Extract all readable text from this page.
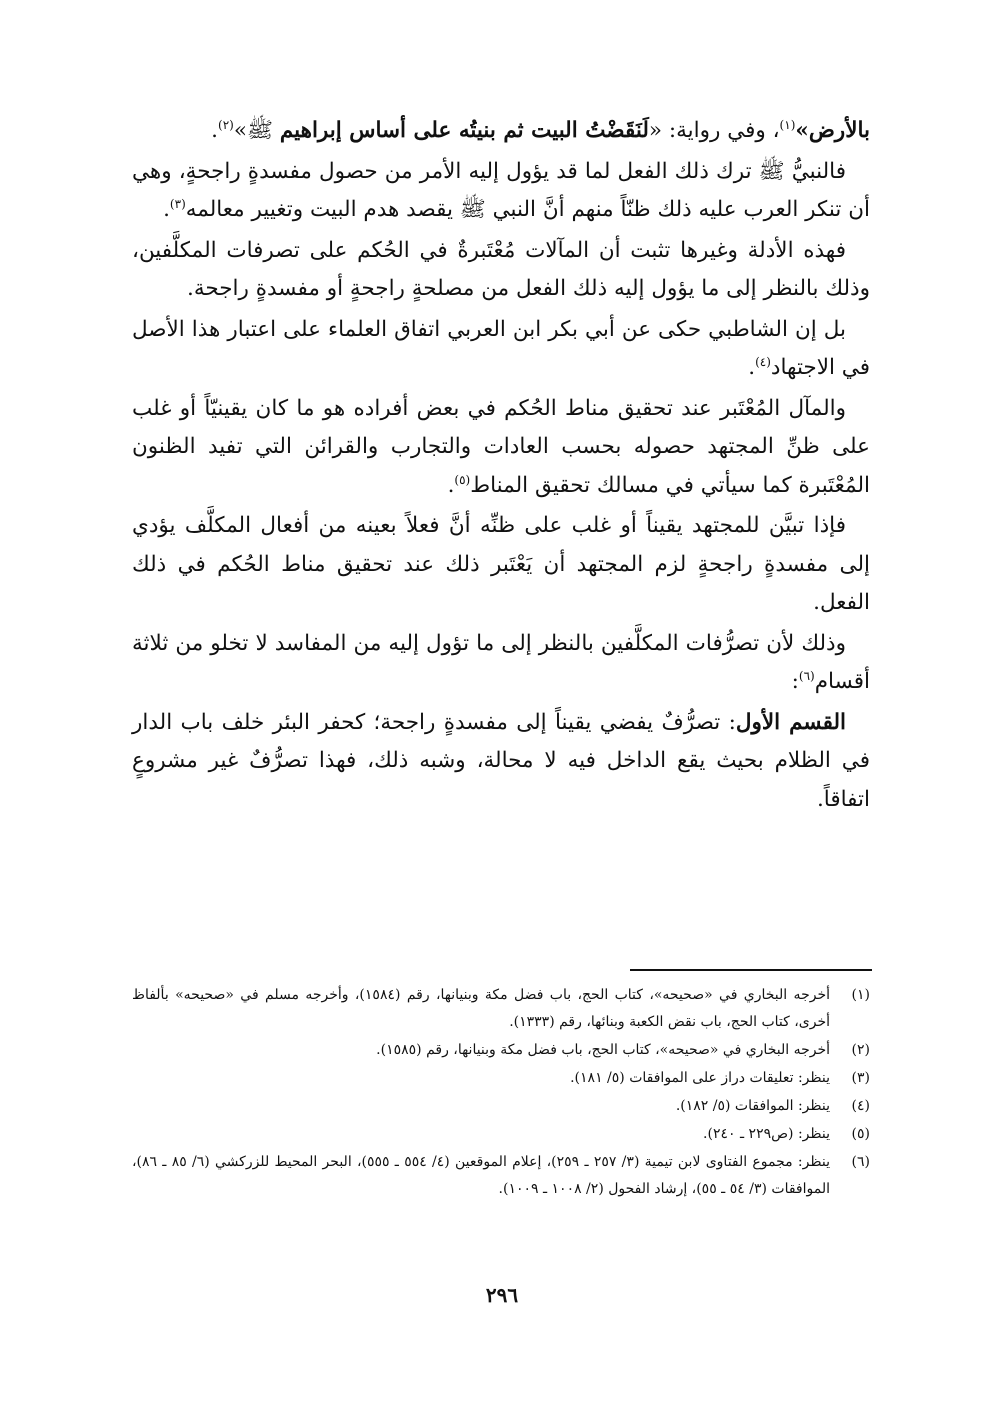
بالأرض»$^{(١)}$، وفي رواية: «لَنَقَضْتُ البيت ثم بنيتُه على أساس إبراهيم ﷺ»$^{(٢)}$.

فالنبيُّ ﷺ ترك ذلك الفعل لما قد يؤول إليه الأمر من حصول مفسدةٍ راجحةٍ، وهي أن تنكر العرب عليه ذلك ظنّاً منهم أنَّ النبي ﷺ يقصد هدم البيت وتغيير معالمه$^{(٣)}$.

فهذه الأدلة وغيرها تثبت أن المآلات مُعْتَبرةٌ في الحُكم على تصرفات المكلَّفين، وذلك بالنظر إلى ما يؤول إليه ذلك الفعل من مصلحةٍ راجحةٍ أو مفسدةٍ راجحة.

بل إن الشاطبي حكى عن أبي بكر ابن العربي اتفاق العلماء على اعتبار هذا الأصل في الاجتهاد$^{(٤)}$.

والمآل المُعْتَبر عند تحقيق مناط الحُكم في بعض أفراده هو ما كان يقينيّاً أو غلب على ظنِّ المجتهد حصوله بحسب العادات والتجارب والقرائن التي تفيد الظنون المُعْتَبرة كما سيأتي في مسالك تحقيق المناط$^{(٥)}$.

فإذا تبيَّن للمجتهد يقيناً أو غلب على ظنِّه أنَّ فعلاً بعينه من أفعال المكلَّف يؤدي إلى مفسدةٍ راجحةٍ لزم المجتهد أن يَعْتَبر ذلك عند تحقيق مناط الحُكم في ذلك الفعل.

وذلك لأن تصرُّفات المكلَّفين بالنظر إلى ما تؤول إليه من المفاسد لا تخلو من ثلاثة أقسام$^{(٦)}$:

القسم الأول: تصرُّفٌ يفضي يقيناً إلى مفسدةٍ راجحة؛ كحفر البئر خلف باب الدار في الظلام بحيث يقع الداخل فيه لا محالة، وشبه ذلك، فهذا تصرُّفٌ غير مشروعٍ اتفاقاً.

(١)
أخرجه البخاري في «صحيحه»، كتاب الحج، باب فضل مكة وبنيانها، رقم (١٥٨٤)، وأخرجه مسلم في «صحيحه» بألفاظ أخرى، كتاب الحج، باب نقض الكعبة وبنائها، رقم (١٣٣٣).
(٢)
أخرجه البخاري في «صحيحه»، كتاب الحج، باب فضل مكة وبنيانها، رقم (١٥٨٥).
(٣)
ينظر: تعليقات دراز على الموافقات (٥/ ١٨١).
(٤)
ينظر: الموافقات (٥/ ١٨٢).
(٥)
ينظر: (ص٢٢٩ ـ ٢٤٠).
(٦)
ينظر: مجموع الفتاوى لابن تيمية (٣/ ٢٥٧ ـ ٢٥٩)، إعلام الموقعين (٤/ ٥٥٤ ـ ٥٥٥)، البحر المحيط للزركشي (٦/ ٨٥ ـ ٨٦)، الموافقات (٣/ ٥٤ ـ ٥٥)، إرشاد الفحول (٢/ ١٠٠٨ ـ ١٠٠٩).
٢٩٦
